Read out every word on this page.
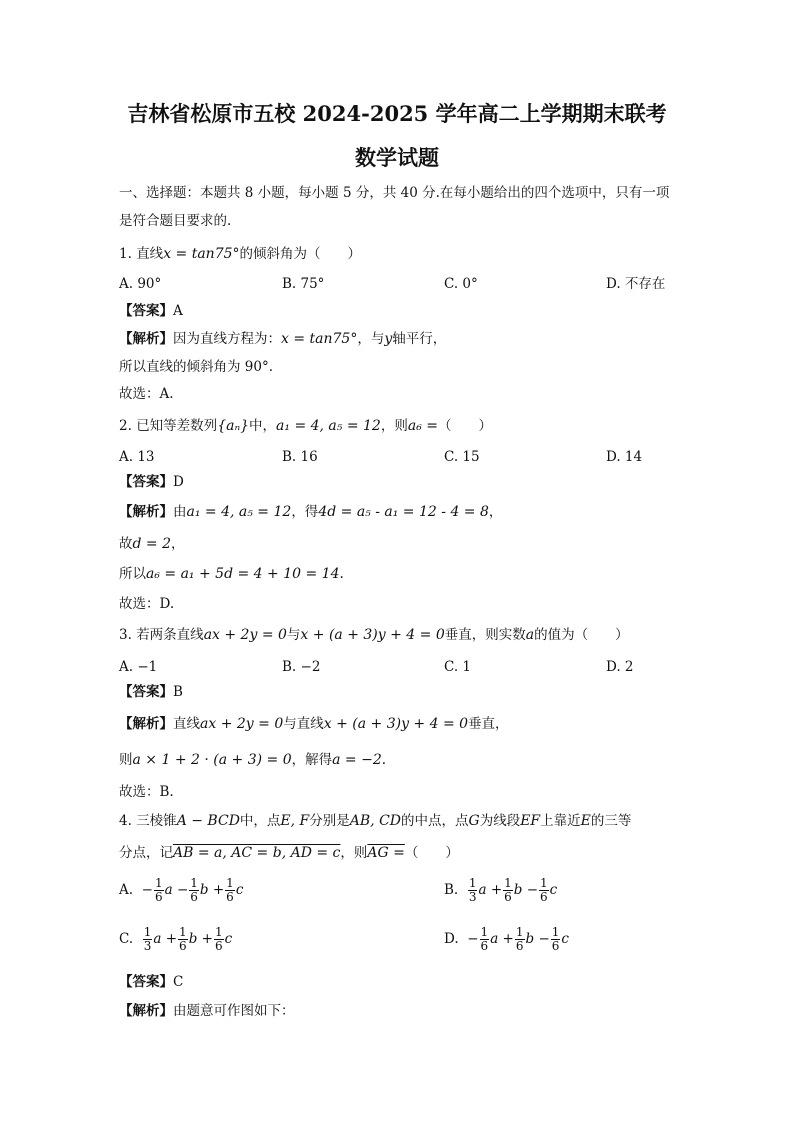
吉林省松原市五校 2024-2025 学年高二上学期期末联考
数学试题
一、选择题：本题共 8 小题，每小题 5 分，共 40 分.在每小题给出的四个选项中，只有一项
是符合题目要求的.
1. 直线x = tan75°的倾斜角为（　　）
A. 90°	B. 75°	C. 0°	D. 不存在
【答案】A
【解析】因为直线方程为：x = tan75°，与y轴平行，
所以直线的倾斜角为 90°.
故选：A.
2. 已知等差数列{aₙ}中，a₁ = 4, a₅ = 12，则a₆ =（　　）
A. 13	B. 16	C. 15	D. 14
【答案】D
【解析】由a₁ = 4, a₅ = 12，得4d = a₅ - a₁ = 12 - 4 = 8，
故d = 2，
所以a₆ = a₁ + 5d = 4 + 10 = 14.
故选：D.
3. 若两条直线ax + 2y = 0与x + (a + 3)y + 4 = 0垂直，则实数a的值为（　　）
A. −1	B. −2	C. 1	D. 2
【答案】B
【解析】直线ax + 2y = 0与直线x + (a + 3)y + 4 = 0垂直，
则a × 1 + 2 · (a + 3) = 0，解得a = −2.
故选：B.
4. 三棱锥A − BCD中，点E, F分别是AB, CD的中点，点G为线段EF上靠近E的三等
分点，记AB = a, AC = b, AD = c，则AG =（　　）
A. − $\frac{1}{6}$ $a - \frac{1}{6}$ $b + \frac{1}{6}$ c	B. $\frac{1}{3}$ $a + \frac{1}{6}$ $b - \frac{1}{6}$ c
C. $\frac{1}{3}$ $a + \frac{1}{6}$ $b + \frac{1}{6}$ c	D. − $\frac{1}{6}$ $a + \frac{1}{6}$ $b - \frac{1}{6}$ c
【答案】C
【解析】由题意可作图如下：
